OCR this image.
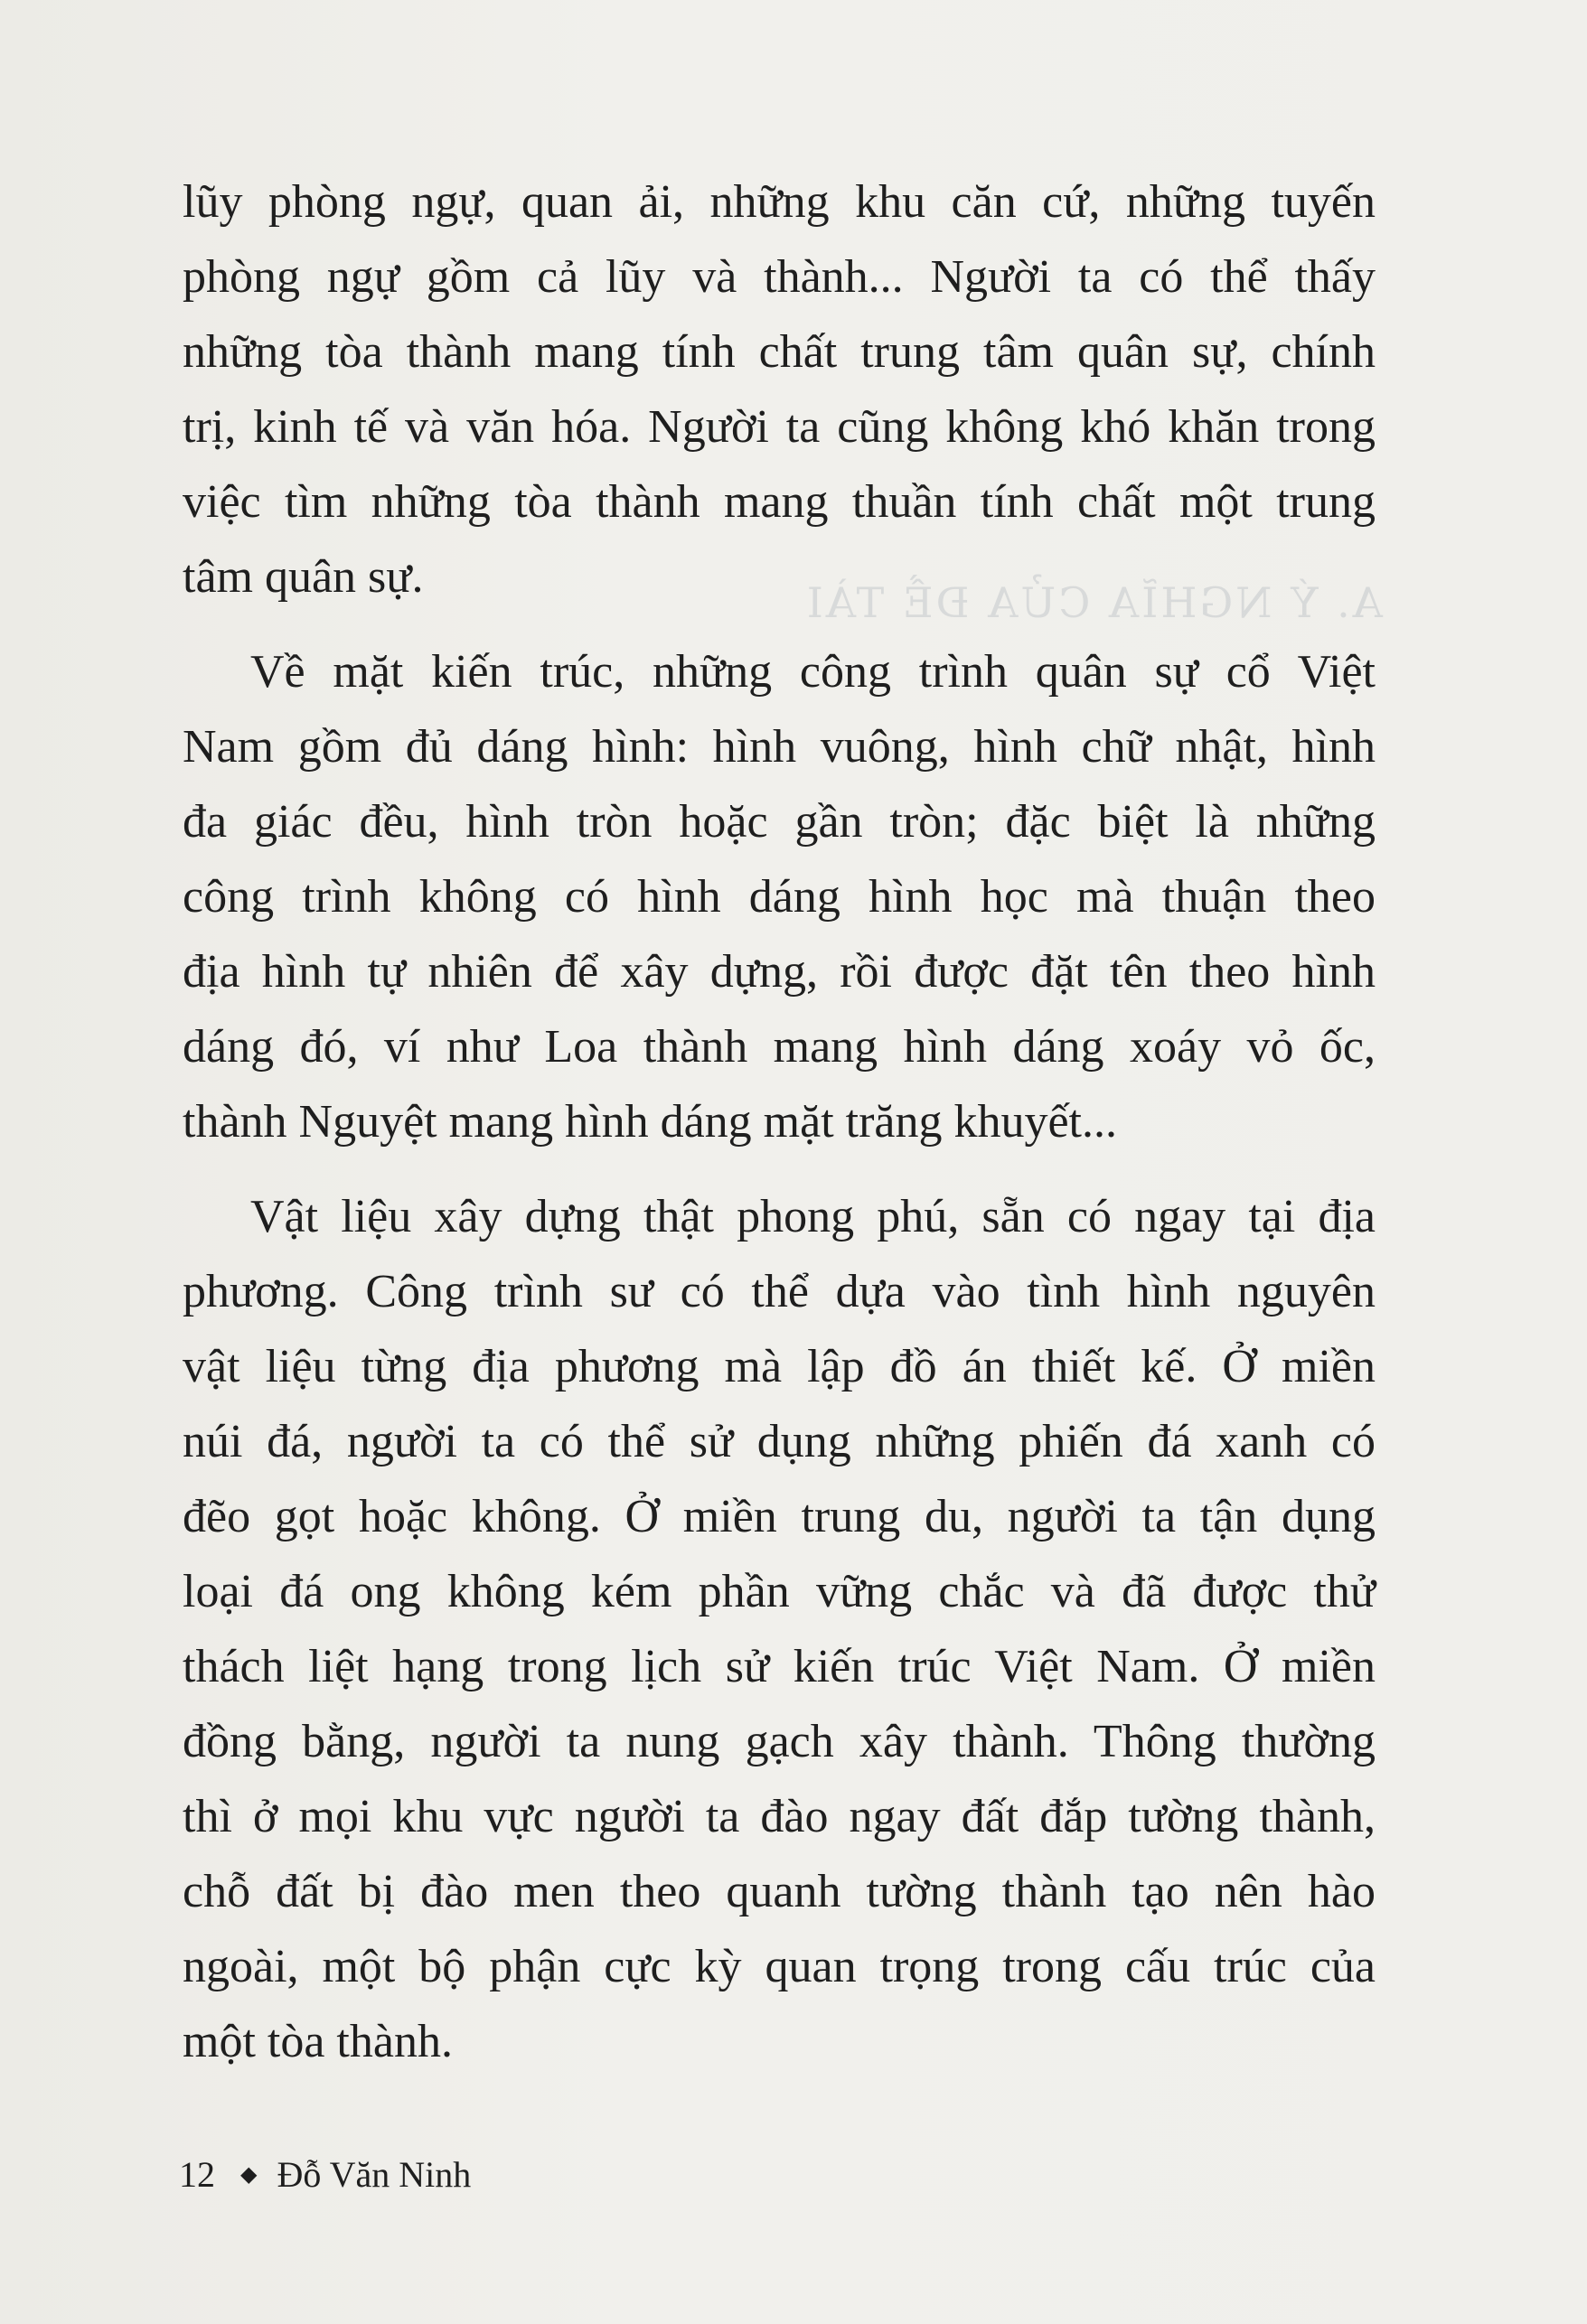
A. Ý NGHĨA CỦA ĐỀ TÀI
lũy phòng ngự, quan ải, những khu căn cứ, những tuyến
phòng ngự gồm cả lũy và thành... Người ta có thể thấy
những tòa thành mang tính chất trung tâm quân sự, chính
trị, kinh tế và văn hóa. Người ta cũng không khó khăn trong
việc tìm những tòa thành mang thuần tính chất một trung
tâm quân sự.
Về mặt kiến trúc, những công trình quân sự cổ Việt
Nam gồm đủ dáng hình: hình vuông, hình chữ nhật, hình
đa giác đều, hình tròn hoặc gần tròn; đặc biệt là những
công trình không có hình dáng hình học mà thuận theo
địa hình tự nhiên để xây dựng, rồi được đặt tên theo hình
dáng đó, ví như Loa thành mang hình dáng xoáy vỏ ốc,
thành Nguyệt mang hình dáng mặt trăng khuyết...
Vật liệu xây dựng thật phong phú, sẵn có ngay tại địa
phương. Công trình sư có thể dựa vào tình hình nguyên
vật liệu từng địa phương mà lập đồ án thiết kế. Ở miền
núi đá, người ta có thể sử dụng những phiến đá xanh có
đẽo gọt hoặc không. Ở miền trung du, người ta tận dụng
loại đá ong không kém phần vững chắc và đã được thử
thách liệt hạng trong lịch sử kiến trúc Việt Nam. Ở miền
đồng bằng, người ta nung gạch xây thành. Thông thường
thì ở mọi khu vực người ta đào ngay đất đắp tường thành,
chỗ đất bị đào men theo quanh tường thành tạo nên hào
ngoài, một bộ phận cực kỳ quan trọng trong cấu trúc của
một tòa thành.
12 ◆ Đỗ Văn Ninh
